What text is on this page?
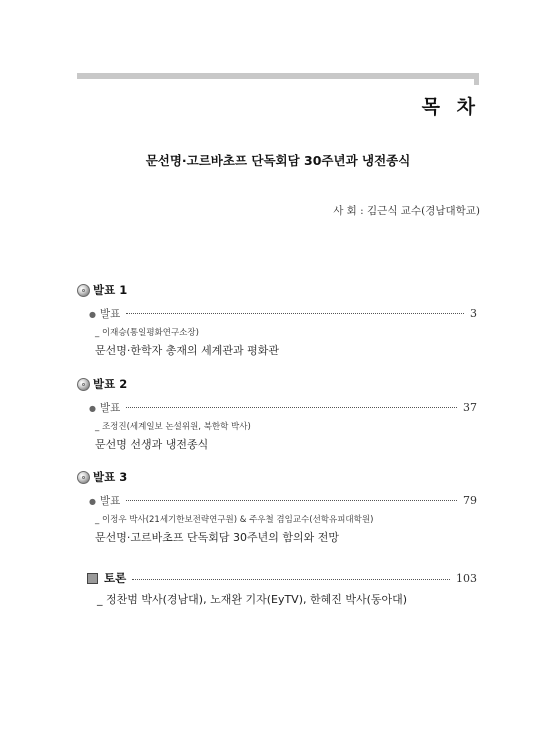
목 차
문선명·고르바초프 단독회담 30주년과 냉전종식
사 회 : 김근식 교수(경남대학교)
발표 1
● 발표	3
_ 이재승(통일평화연구소장)
문선명·한학자 총재의 세계관과 평화관
발표 2
● 발표	37
_ 조정진(세계일보 논설위원, 북한학 박사)
문선명 선생과 냉전종식
발표 3
● 발표	79
_ 이정우 박사(21세기한보전략연구원) & 주우철 겸임교수(선학유피대학원)
문선명·고르바초프 단독회담 30주년의 함의와 전망
토론	103
_ 정찬범 박사(경남대), 노재완 기자(EyTV), 한혜진 박사(동아대)
